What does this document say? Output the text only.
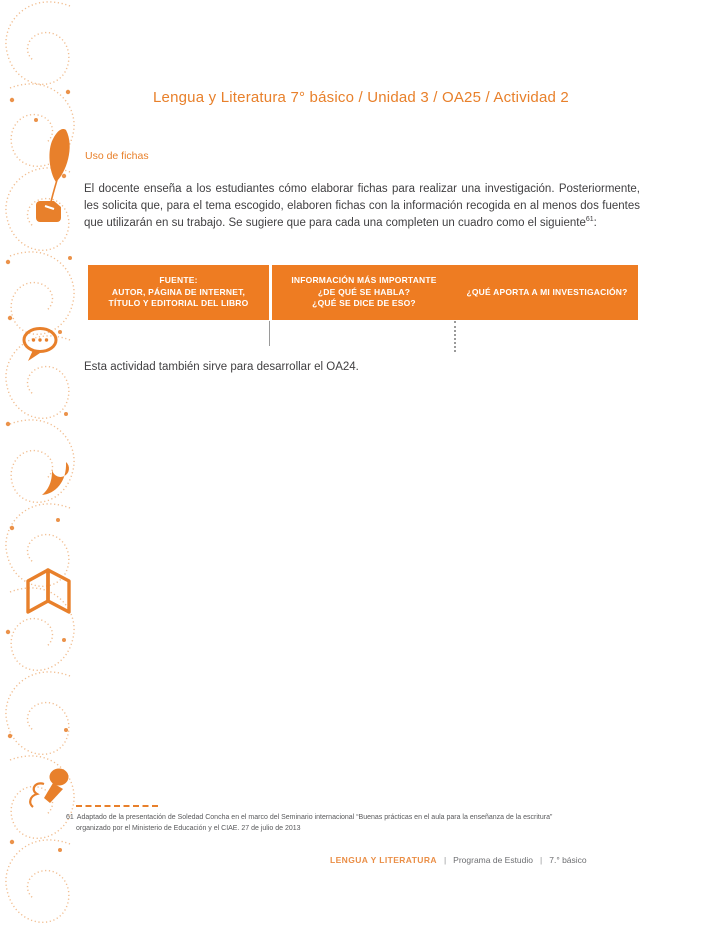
Lengua y Literatura 7° básico / Unidad 3 / OA25 / Actividad 2
Uso de fichas

El docente enseña a los estudiantes cómo elaborar fichas para realizar una investigación. Posteriormente, les solicita que, para el tema escogido, elaboren fichas con la información recogida en al menos dos fuentes que utilizarán en su trabajo. Se sugiere que para cada una completen un cuadro como el siguiente$^{61}$:

FUENTE:
AUTOR, PÁGINA DE INTERNET,
TÍTULO Y EDITORIAL DEL LIBRO
INFORMACIÓN MÁS IMPORTANTE
¿DE QUÉ SE HABLA?
¿QUÉ SE DICE DE ESO?
¿QUÉ APORTA A MI INVESTIGACIÓN?

Esta actividad también sirve para desarrollar el OA24.

61 Adaptado de la presentación de Soledad Concha en el marco del Seminario internacional “Buenas prácticas en el aula para la enseñanza de la escritura” organizado por el Ministerio de Educación y el CIAE. 27 de julio de 2013
LENGUA Y LITERATURA | Programa de Estudio | 7.° básico
